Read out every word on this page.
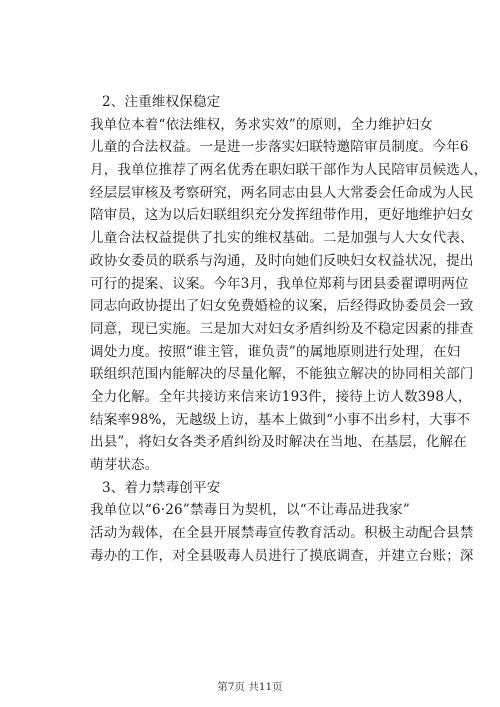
2、注重维权保稳定
我单位本着“依法维权，务求实效”的原则，全力维护妇女
儿童的合法权益。一是进一步落实妇联特邀陪审员制度。今年6
月，我单位推荐了两名优秀在职妇联干部作为人民陪审员候选人，
经层层审核及考察研究，两名同志由县人大常委会任命成为人民
陪审员，这为以后妇联组织充分发挥纽带作用，更好地维护妇女
儿童合法权益提供了扎实的维权基础。二是加强与人大女代表、
政协女委员的联系与沟通，及时向她们反映妇女权益状况，提出
可行的提案、议案。今年3月，我单位郑莉与团县委翟谭明两位
同志向政协提出了妇女免费婚检的议案，后经得政协委员会一致
同意，现已实施。三是加大对妇女矛盾纠纷及不稳定因素的排查
调处力度。按照“谁主管，谁负责”的属地原则进行处理，在妇
联组织范围内能解决的尽量化解，不能独立解决的协同相关部门
全力化解。全年共接访来信来访193件，接待上访人数398人，
结案率98%，无越级上访，基本上做到“小事不出乡村，大事不
出县”，将妇女各类矛盾纠纷及时解决在当地、在基层，化解在
萌芽状态。
3、着力禁毒创平安
我单位以“6·26”禁毒日为契机，以“不让毒品进我家”
活动为载体，在全县开展禁毒宣传教育活动。积极主动配合县禁
毒办的工作，对全县吸毒人员进行了摸底调查，并建立台账；深
第7页 共11页
